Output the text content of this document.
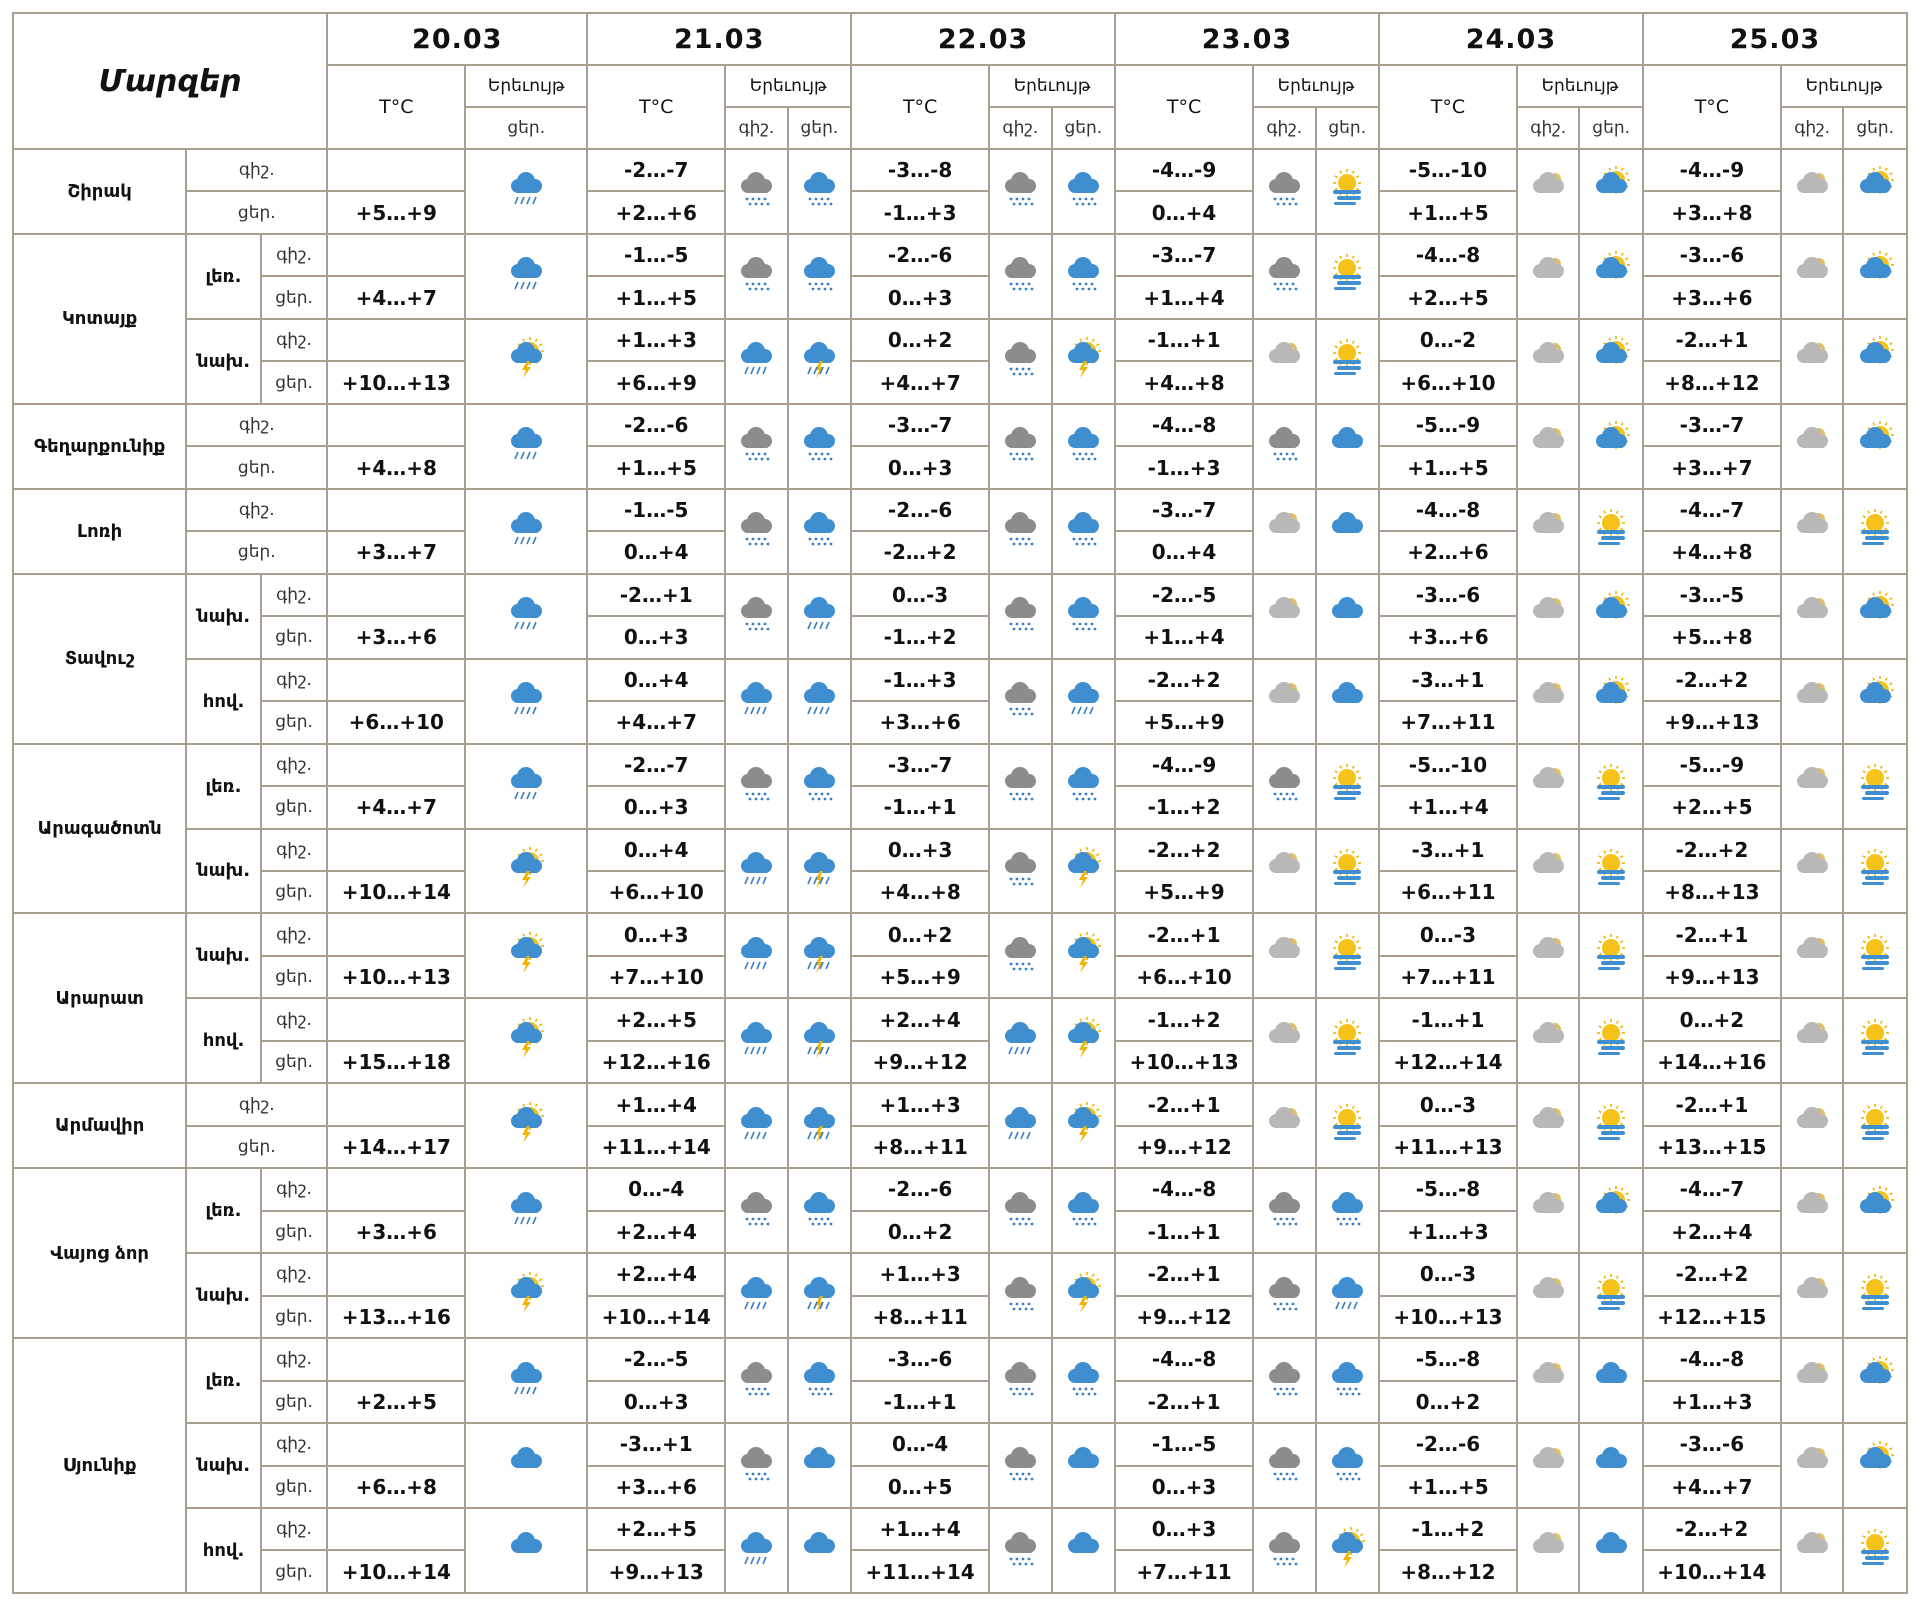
Մարզեր			20.03		21.03			22.03			23.03			24.03			25.03		
			T°C	Երեւույթ	T°C	Երեւույթ		T°C	Երեւույթ		T°C	Երեւույթ		T°C	Երեւույթ		T°C	Երեւույթ	
				ցեր.		գիշ.	ցեր.		գիշ.	ցեր.		գիշ.	ցեր.		գիշ.	ցեր.		գիշ.	ցեր.
Շիրակ	գիշ.				-2…-7			-3…-8			-4…-9			-5…-10			-4…-9	

	ցեր.		+5…+9		+2…+6			-1…+3			0…+4			+1…+5			+3…+8		
Կոտայք	լեռ.	գիշ.			-1…-5			-2…-6			-3…-7			-4…-8			-3…-6	

		ցեր.	+4…+7		+1…+5			0…+3			+1…+4			+2…+5			+3…+6		
	նախ.	գիշ.			+1…+3			0…+2			-1…+1			0…-2			-2…+1	

		ցեր.	+10…+13		+6…+9			+4…+7			+4…+8			+6…+10			+8…+12		
Գեղարքունիք	գիշ.				-2…-6			-3…-7			-4…-8			-5…-9			-3…-7	

	ցեր.		+4…+8		+1…+5			0…+3			-1…+3			+1…+5			+3…+7		
Լոռի	գիշ.				-1…-5			-2…-6			-3…-7			-4…-8			-4…-7	

	ցեր.		+3…+7		0…+4			-2…+2			0…+4			+2…+6			+4…+8		
Տավուշ	նախ.	գիշ.			-2…+1			0…-3			-2…-5			-3…-6			-3…-5	

		ցեր.	+3…+6		0…+3			-1…+2			+1…+4			+3…+6			+5…+8		
	հով.	գիշ.			0…+4			-1…+3			-2…+2			-3…+1			-2…+2	

		ցեր.	+6…+10		+4…+7			+3…+6			+5…+9			+7…+11			+9…+13		
Արագածոտն	լեռ.	գիշ.			-2…-7			-3…-7			-4…-9			-5…-10			-5…-9	

		ցեր.	+4…+7		0…+3			-1…+1			-1…+2			+1…+4			+2…+5		
	նախ.	գիշ.			0…+4			0…+3			-2…+2			-3…+1			-2…+2	

		ցեր.	+10…+14		+6…+10			+4…+8			+5…+9			+6…+11			+8…+13		
Արարատ	նախ.	գիշ.			0…+3			0…+2			-2…+1			0…-3			-2…+1	

		ցեր.	+10…+13		+7…+10			+5…+9			+6…+10			+7…+11			+9…+13		
	հով.	գիշ.			+2…+5			+2…+4			-1…+2			-1…+1			0…+2	

		ցեր.	+15…+18		+12…+16			+9…+12			+10…+13			+12…+14			+14…+16		
Արմավիր	գիշ.				+1…+4			+1…+3			-2…+1			0…-3			-2…+1	

	ցեր.		+14…+17		+11…+14			+8…+11			+9…+12			+11…+13			+13…+15		
Վայոց ձոր	լեռ.	գիշ.			0…-4			-2…-6			-4…-8			-5…-8			-4…-7	

		ցեր.	+3…+6		+2…+4			0…+2			-1…+1			+1…+3			+2…+4		
	նախ.	գիշ.			+2…+4			+1…+3			-2…+1			0…-3			-2…+2	

		ցեր.	+13…+16		+10…+14			+8…+11			+9…+12			+10…+13			+12…+15		
Սյունիք	լեռ.	գիշ.			-2…-5			-3…-6			-4…-8			-5…-8			-4…-8	

		ցեր.	+2…+5		0…+3			-1…+1			-2…+1			0…+2			+1…+3		
	նախ.	գիշ.			-3…+1			0…-4			-1…-5			-2…-6			-3…-6	

		ցեր.	+6…+8		+3…+6			0…+5			0…+3			+1…+5			+4…+7		
	հով.	գիշ.			+2…+5			+1…+4			0…+3			-1…+2			-2…+2	

		ցեր.	+10…+14		+9…+13			+11…+14			+7…+11			+8…+12			+10…+14		
